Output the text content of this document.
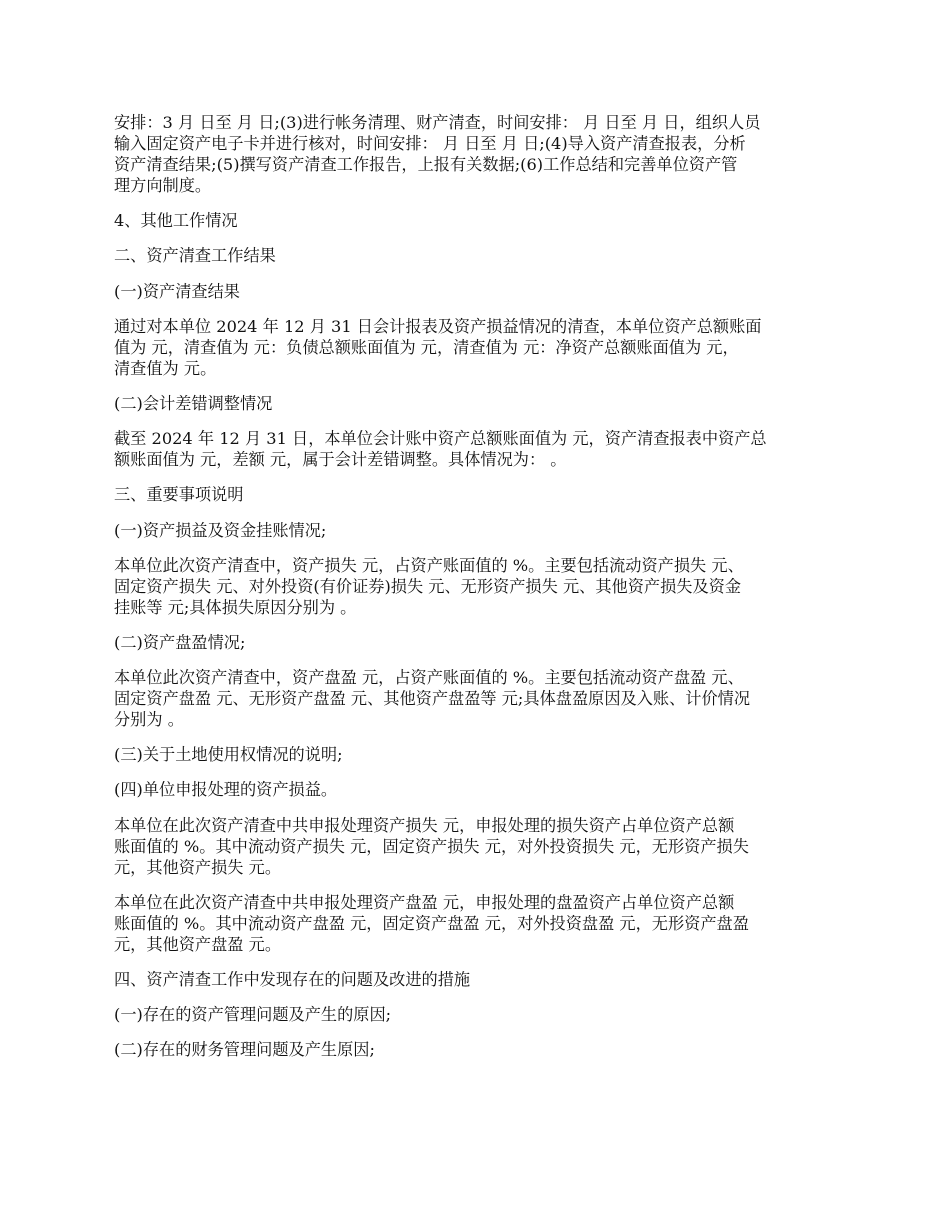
安排：3 月 日至 月 日;(3)进行帐务清理、财产清查，时间安排： 月 日至 月 日，组织人员
输入固定资产电子卡并进行核对，时间安排： 月 日至 月 日;(4)导入资产清查报表，分析
资产清查结果;(5)撰写资产清查工作报告，上报有关数据;(6)工作总结和完善单位资产管
理方向制度。

4、其他工作情况

二、资产清查工作结果

(一)资产清查结果

通过对本单位 2024 年 12 月 31 日会计报表及资产损益情况的清查，本单位资产总额账面
值为 元，清查值为 元：负债总额账面值为 元，清查值为 元：净资产总额账面值为 元，
清查值为 元。

(二)会计差错调整情况

截至 2024 年 12 月 31 日，本单位会计账中资产总额账面值为 元，资产清查报表中资产总
额账面值为 元，差额 元，属于会计差错调整。具体情况为： 。

三、重要事项说明

(一)资产损益及资金挂账情况;

本单位此次资产清查中，资产损失 元，占资产账面值的 %。主要包括流动资产损失 元、
固定资产损失 元、对外投资(有价证券)损失 元、无形资产损失 元、其他资产损失及资金
挂账等 元;具体损失原因分别为 。

(二)资产盘盈情况;

本单位此次资产清查中，资产盘盈 元，占资产账面值的 %。主要包括流动资产盘盈 元、
固定资产盘盈 元、无形资产盘盈 元、其他资产盘盈等 元;具体盘盈原因及入账、计价情况
分别为 。

(三)关于土地使用权情况的说明;

(四)单位申报处理的资产损益。

本单位在此次资产清查中共申报处理资产损失 元，申报处理的损失资产占单位资产总额
账面值的 %。其中流动资产损失 元，固定资产损失 元，对外投资损失 元，无形资产损失
元，其他资产损失 元。

本单位在此次资产清查中共申报处理资产盘盈 元，申报处理的盘盈资产占单位资产总额
账面值的 %。其中流动资产盘盈 元，固定资产盘盈 元，对外投资盘盈 元，无形资产盘盈
元，其他资产盘盈 元。

四、资产清查工作中发现存在的问题及改进的措施

(一)存在的资产管理问题及产生的原因;

(二)存在的财务管理问题及产生原因;
